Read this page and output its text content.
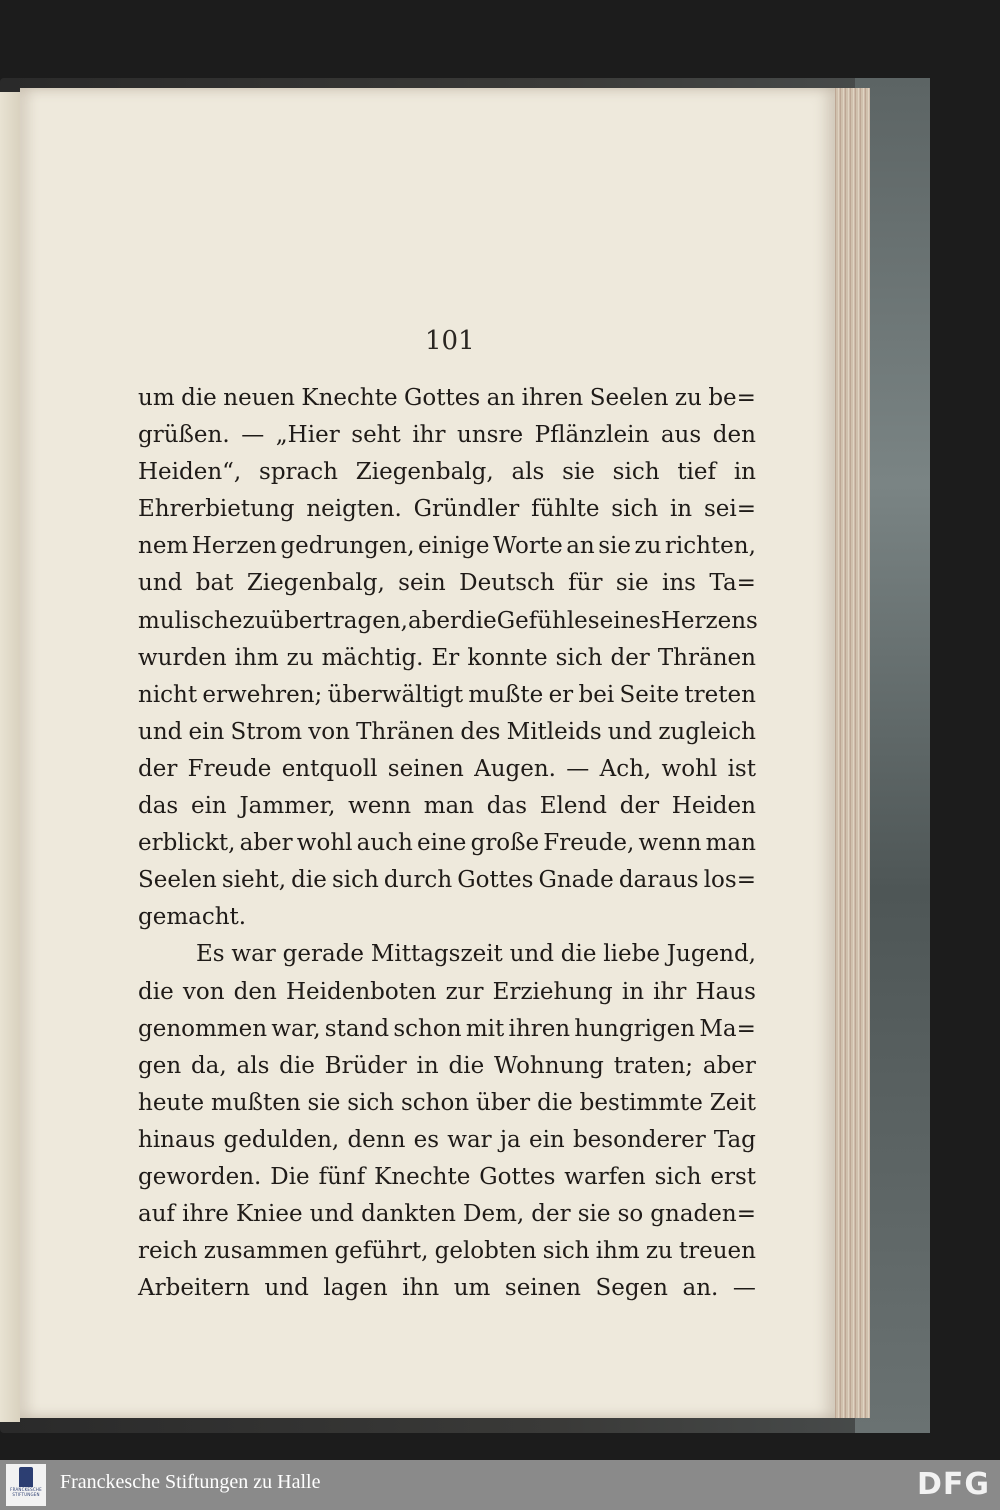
101
um die neuen Knechte Gottes an ihren Seelen zu be=
grüßen. — „Hier seht ihr unsre Pflänzlein aus den
Heiden“, sprach Ziegenbalg, als sie sich tief in
Ehrerbietung neigten. Gründler fühlte sich in sei=
nem Herzen gedrungen, einige Worte an sie zu richten,
und bat Ziegenbalg, sein Deutsch für sie ins Ta=
mulische zu übertragen, aber die Gefühle seines Herzens
wurden ihm zu mächtig. Er konnte sich der Thränen
nicht erwehren; überwältigt mußte er bei Seite treten
und ein Strom von Thränen des Mitleids und zugleich
der Freude entquoll seinen Augen. — Ach, wohl ist
das ein Jammer, wenn man das Elend der Heiden
erblickt, aber wohl auch eine große Freude, wenn man
Seelen sieht, die sich durch Gottes Gnade daraus los=
gemacht.
Es war gerade Mittagszeit und die liebe Jugend,
die von den Heidenboten zur Erziehung in ihr Haus
genommen war, stand schon mit ihren hungrigen Ma=
gen da, als die Brüder in die Wohnung traten; aber
heute mußten sie sich schon über die bestimmte Zeit
hinaus gedulden, denn es war ja ein besonderer Tag
geworden. Die fünf Knechte Gottes warfen sich erst
auf ihre Kniee und dankten Dem, der sie so gnaden=
reich zusammen geführt, gelobten sich ihm zu treuen
Arbeitern und lagen ihn um seinen Segen an. —
FRANCKESCHE
STIFTUNGEN
Franckesche Stiftungen zu Halle	DFG
